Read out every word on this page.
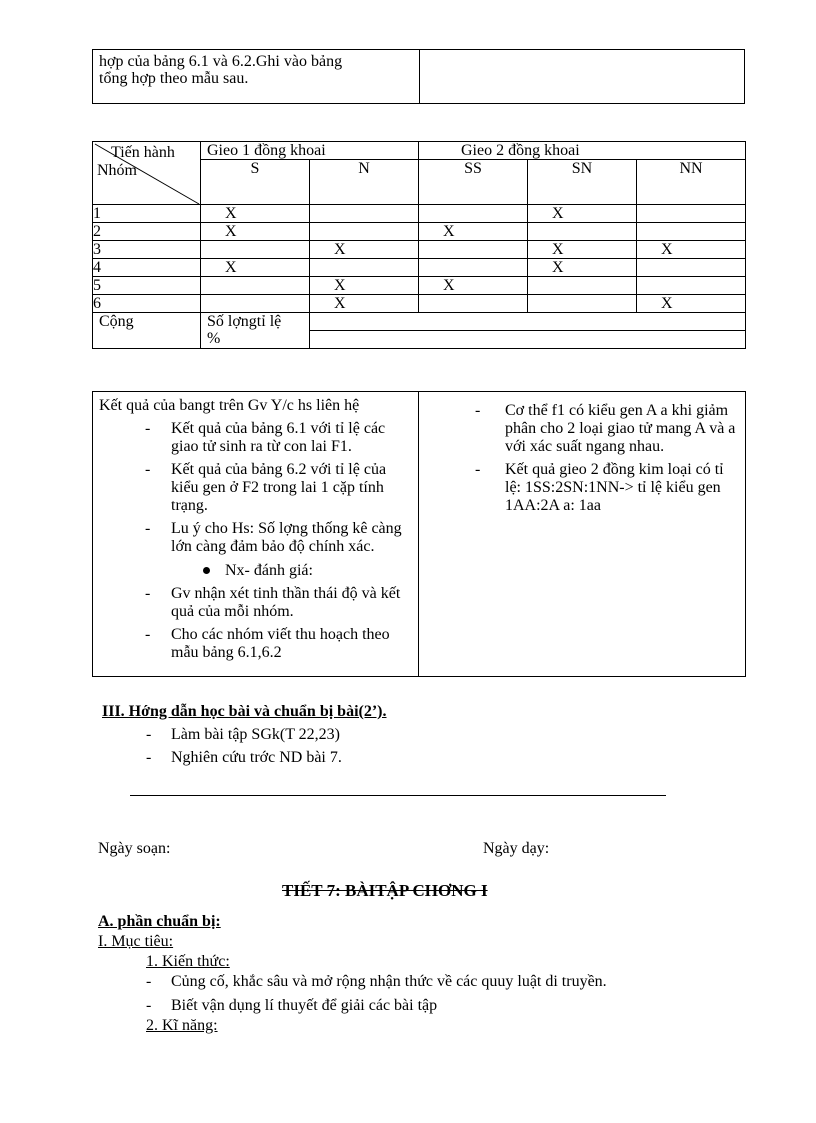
hợp của bảng 6.1 và 6.2.Ghi vào bảng
tổng hợp theo mẫu sau.

Tiến hành
Nhóm	Gieo 1 đồng khoai		Gieo 2 đồng khoai		
	S	N	SS	SN	NN
1	X			X	
2	X		X		
3		X		X	X
4	X			X	
5		X	X		
6		X			X
Cộng	Số lợngtỉ lệ
%				

Kết quả của bangt trên Gv Y/c hs liên hệ
- Kết quả của bảng 6.1 với tỉ lệ các giao tử sinh ra từ con lai F1.
- Kết quả của bảng 6.2 với tỉ lệ của kiểu gen ở F2 trong lai 1 cặp tính trạng.
- Lu ý cho Hs: Số lợng thống kê càng lớn càng đảm bảo độ chính xác.
Nx- đánh giá:
- Gv nhận xét tinh thần thái độ và kết quả của mỗi nhóm.
- Cho các nhóm viết thu hoạch theo mẫu bảng 6.1,6.2

- Cơ thể f1 có kiểu gen A a khi giảm phân cho 2 loại giao tử mang A và a với xác suất ngang nhau.
- Kết quả gieo 2 đồng kim loại có tỉ lệ: 1SS:2SN:1NN-> tỉ lệ kiểu gen 1AA:2A a: 1aa
III. Hớng dẫn học bài và chuẩn bị bài(2’).
- Làm bài tập SGk(T 22,23)
- Nghiên cứu trớc ND bài 7.
Ngày soạn:	Ngày dạy:
TIẾT 7: BÀITẬP CHƠNG I
A. phần chuẩn bị:
I. Mục tiêu:
1. Kiến thức:
- Củng cố, khắc sâu và mở rộng nhận thức về các quuy luật di truyền.
- Biết vận dụng lí thuyết để giải các bài tập
2. Kĩ năng:
